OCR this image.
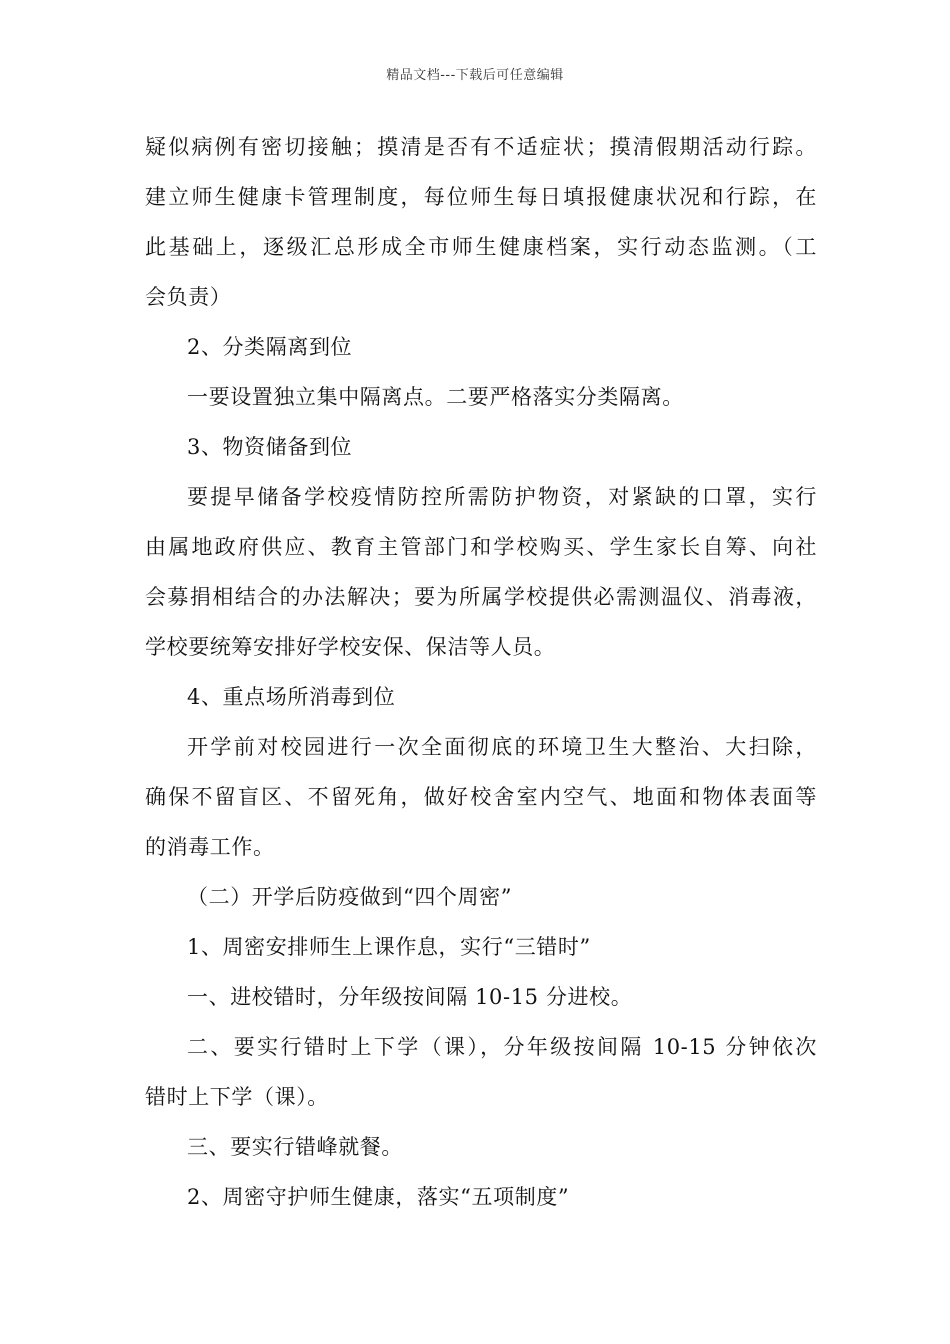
精品文档---下载后可任意编辑
疑似病例有密切接触；摸清是否有不适症状；摸清假期活动行踪。
建立师生健康卡管理制度，每位师生每日填报健康状况和行踪，在
此基础上，逐级汇总形成全市师生健康档案，实行动态监测。（工
会负责）
2、分类隔离到位
一要设置独立集中隔离点。二要严格落实分类隔离。
3、物资储备到位
要提早储备学校疫情防控所需防护物资，对紧缺的口罩，实行
由属地政府供应、教育主管部门和学校购买、学生家长自筹、向社
会募捐相结合的办法解决；要为所属学校提供必需测温仪、消毒液，
学校要统筹安排好学校安保、保洁等人员。
4、重点场所消毒到位
开学前对校园进行一次全面彻底的环境卫生大整治、大扫除，
确保不留盲区、不留死角，做好校舍室内空气、地面和物体表面等
的消毒工作。
（二）开学后防疫做到“四个周密”
1、周密安排师生上课作息，实行“三错时”
一、进校错时，分年级按间隔 10-15 分进校。
二、要实行错时上下学（课），分年级按间隔 10-15 分钟依次
错时上下学（课）。
三、要实行错峰就餐。
2、周密守护师生健康，落实“五项制度”
